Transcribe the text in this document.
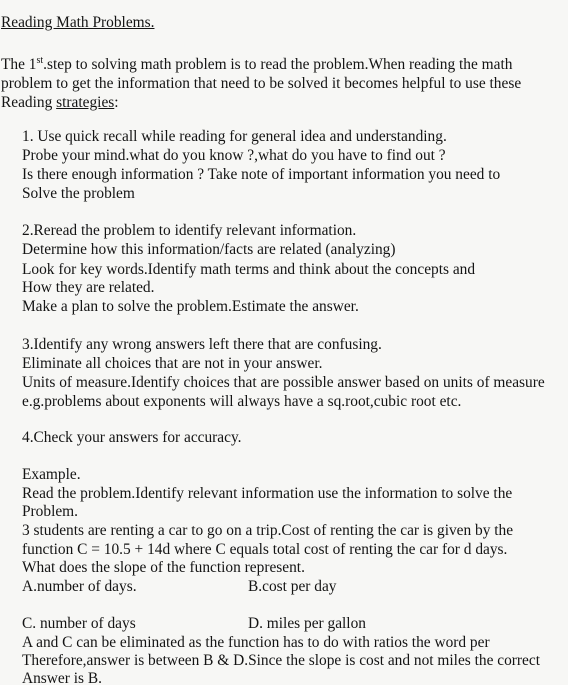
Reading Math Problems.
The 1st.step to solving math problem is to read the problem.When reading the math
problem to get the information that need to be solved it becomes helpful to use these
Reading strategies:
1. Use quick recall while reading for general idea and understanding.
Probe your mind.what do you know ?,what do you have to find out ?
Is there enough information ? Take note of important information you need to
Solve the problem
2.Reread the problem to identify relevant information.
Determine how this information/facts are related (analyzing)
Look for key words.Identify math terms and think about the concepts and
How they are related.
Make a plan to solve the problem.Estimate the answer.
3.Identify any wrong answers left there that are confusing.
Eliminate all choices that are not in your answer.
Units of measure.Identify choices that are possible answer based on units of measure
e.g.problems about exponents will always have a sq.root,cubic root etc.
4.Check your answers for accuracy.
Example.
Read the problem.Identify relevant information use the information to solve the
Problem.
3 students are renting a car to go on a trip.Cost of renting the car is given by the
function C = 10.5 + 14d where C equals total cost of renting the car for d days.
What does the slope of the function represent.
A.number of days.	B.cost per day
C. number of days	D. miles per gallon
A and C can be eliminated as the function has to do with ratios the word per
Therefore,answer is between B & D.Since the slope is cost and not miles the correct
Answer is B.
